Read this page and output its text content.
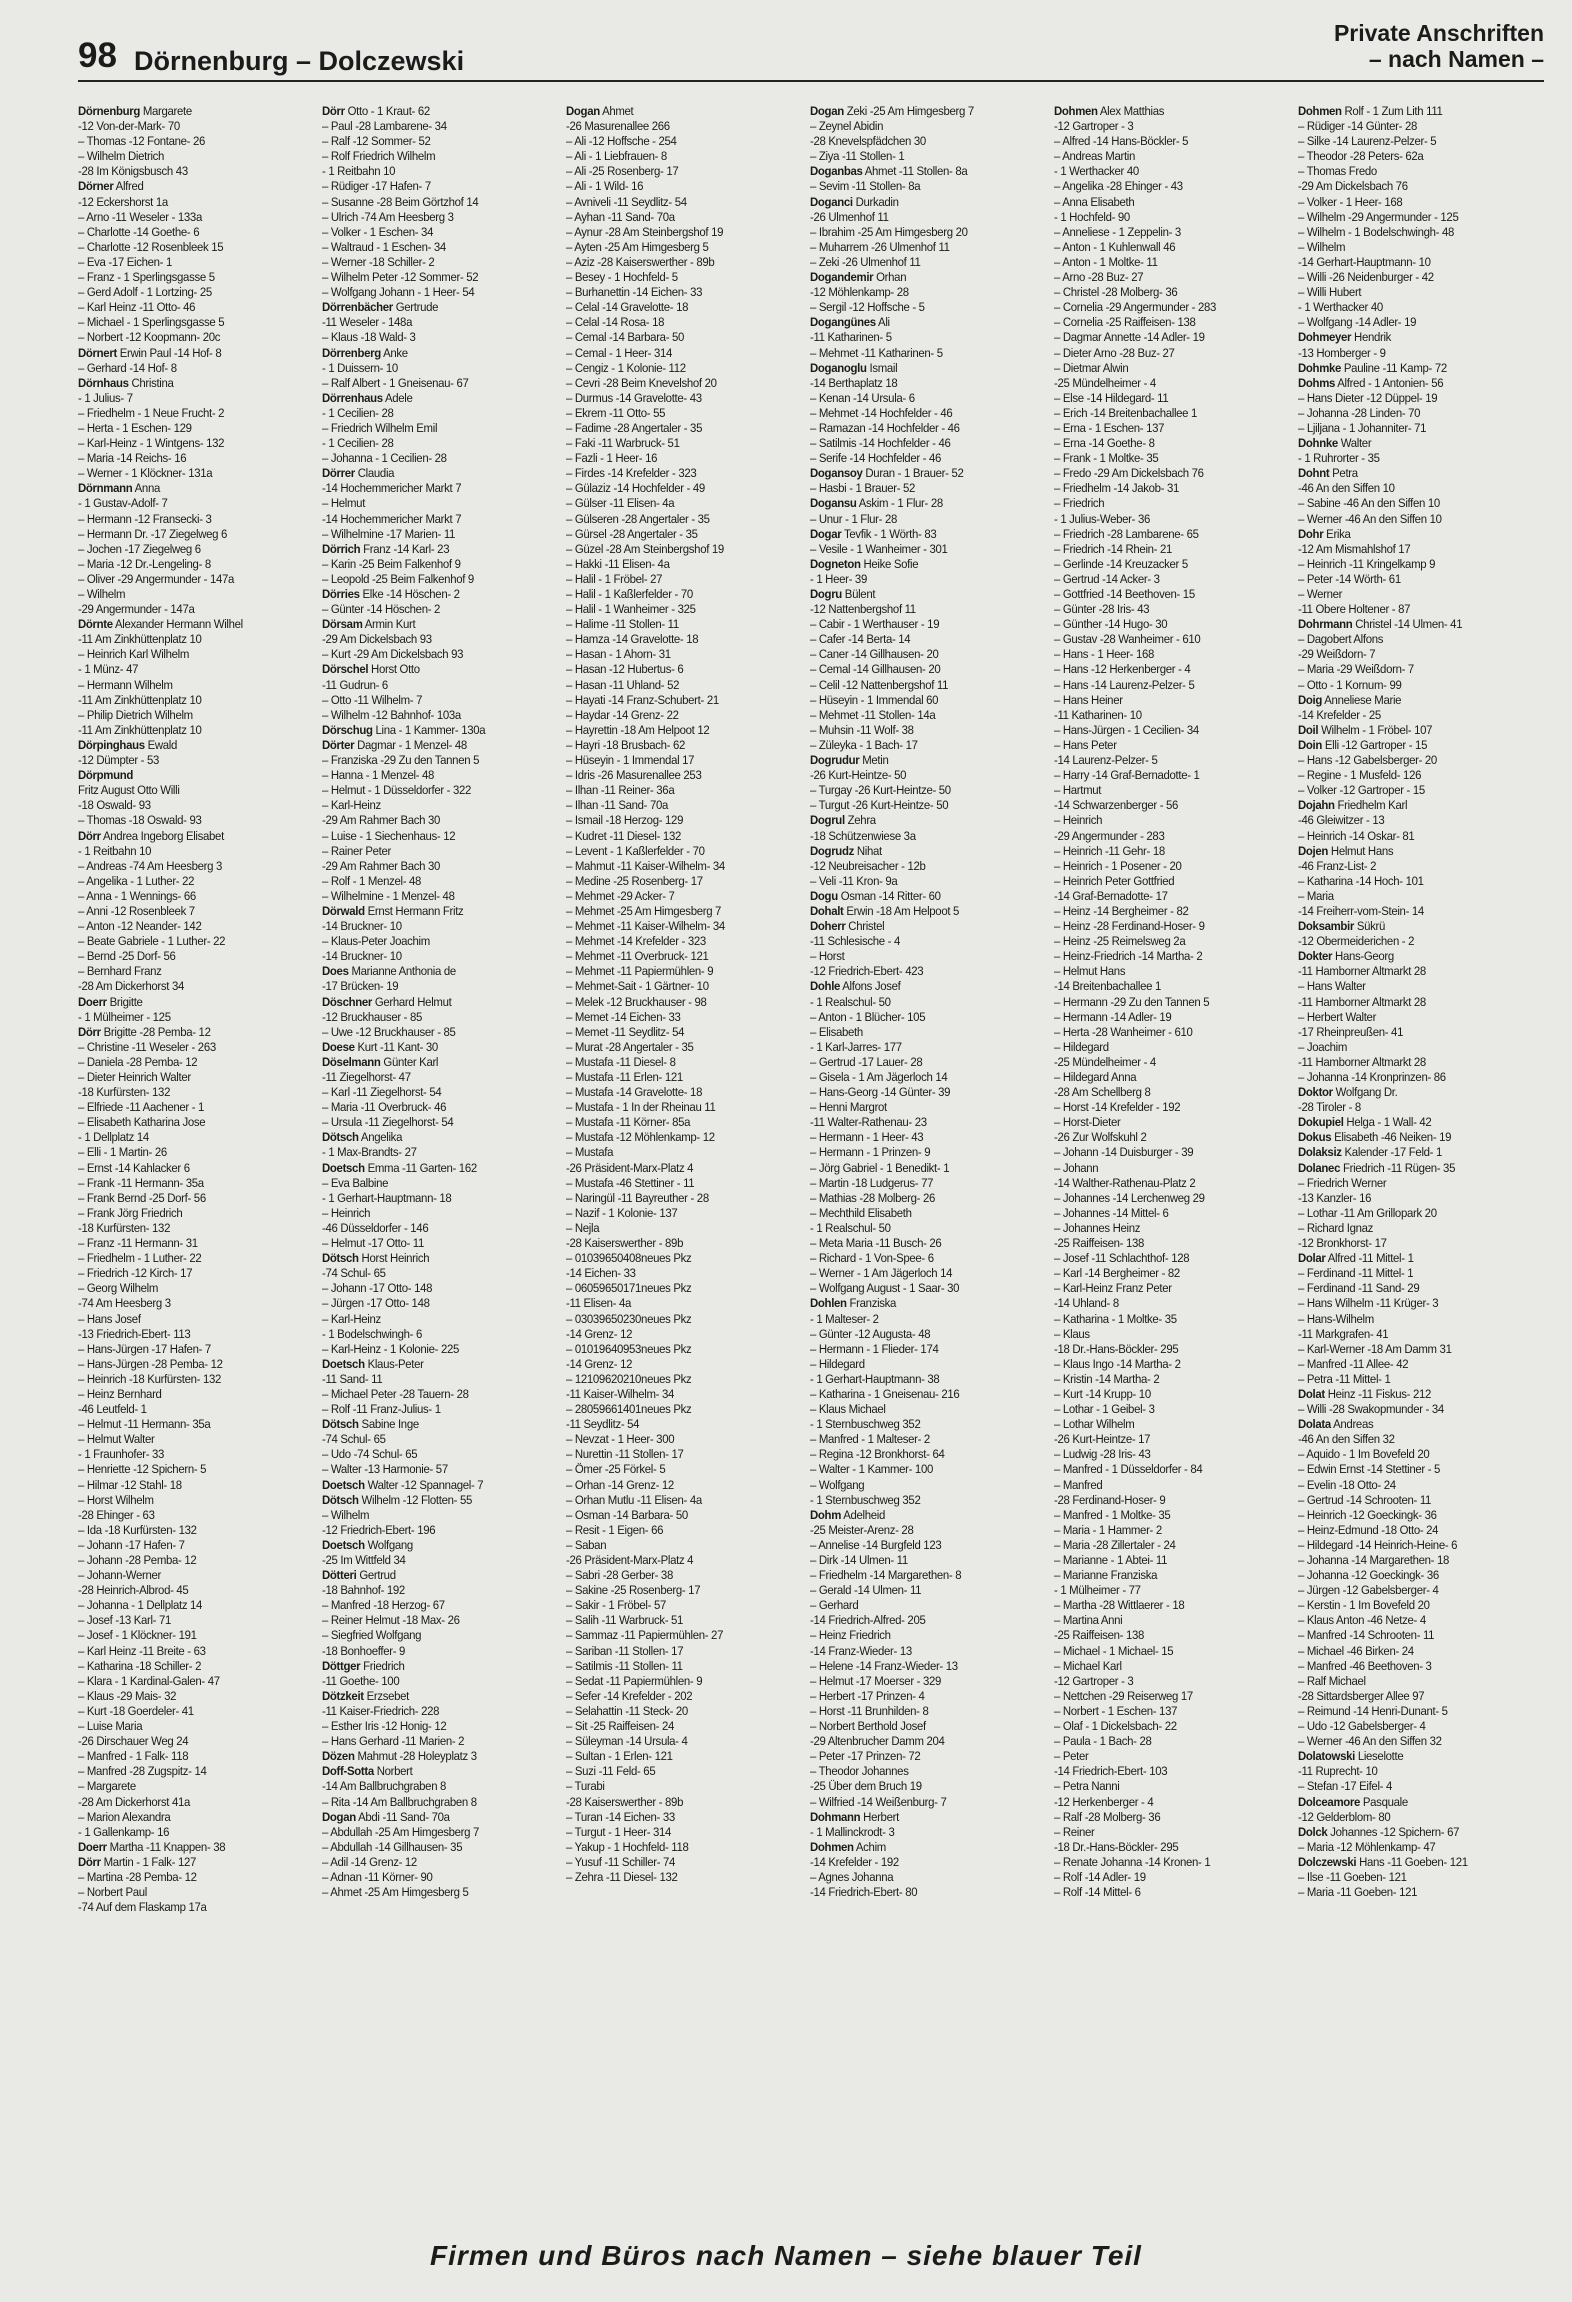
98 Dörnenburg – Dolczewski
Private Anschriften
– nach Namen –
Dörnenburg Margarete
-12 Von-der-Mark- 70
– Thomas -12 Fontane- 26
– Wilhelm Dietrich
-28 Im Königsbusch 43
Dörner Alfred
-12 Eckershorst 1a
– Arno -11 Weseler - 133a
– Charlotte -14 Goethe- 6
– Charlotte -12 Rosenbleek 15
– Eva -17 Eichen- 1
– Franz - 1 Sperlingsgasse 5
– Gerd Adolf - 1 Lortzing- 25
– Karl Heinz -11 Otto- 46
– Michael - 1 Sperlingsgasse 5
– Norbert -12 Koopmann- 20c
Dörnert Erwin Paul -14 Hof- 8
– Gerhard -14 Hof- 8
Dörnhaus Christina
- 1 Julius- 7
– Friedhelm - 1 Neue Frucht- 2
– Herta - 1 Eschen- 129
– Karl-Heinz - 1 Wintgens- 132
– Maria -14 Reichs- 16
– Werner - 1 Klöckner- 131a
Dörnmann Anna
- 1 Gustav-Adolf- 7
– Hermann -12 Fransecki- 3
– Hermann Dr. -17 Ziegelweg 6
– Jochen -17 Ziegelweg 6
– Maria -12 Dr.-Lengeling- 8
– Oliver -29 Angermunder - 147a
– Wilhelm
-29 Angermunder - 147a
Dörnte Alexander Hermann Wilhel
-11 Am Zinkhüttenplatz 10
– Heinrich Karl Wilhelm
- 1 Münz- 47
– Hermann Wilhelm
-11 Am Zinkhüttenplatz 10
– Philip Dietrich Wilhelm
-11 Am Zinkhüttenplatz 10
Dörpinghaus Ewald
-12 Dümpter - 53
Dörpmund
Fritz August Otto Willi
-18 Oswald- 93
– Thomas -18 Oswald- 93
Dörr Andrea Ingeborg Elisabet
- 1 Reitbahn 10
– Andreas -74 Am Heesberg 3
– Angelika - 1 Luther- 22
– Anna - 1 Wennings- 66
– Anni -12 Rosenbleek 7
– Anton -12 Neander- 142
– Beate Gabriele - 1 Luther- 22
– Bernd -25 Dorf- 56
– Bernhard Franz
-28 Am Dickerhorst 34
Doerr Brigitte
- 1 Mülheimer - 125
Dörr Brigitte -28 Pemba- 12
– Christine -11 Weseler - 263
– Daniela -28 Pemba- 12
– Dieter Heinrich Walter
-18 Kurfürsten- 132
– Elfriede -11 Aachener - 1
– Elisabeth Katharina Jose
- 1 Dellplatz 14
– Elli - 1 Martin- 26
– Ernst -14 Kahlacker 6
– Frank -11 Hermann- 35a
– Frank Bernd -25 Dorf- 56
– Frank Jörg Friedrich
-18 Kurfürsten- 132
– Franz -11 Hermann- 31
– Friedhelm - 1 Luther- 22
– Friedrich -12 Kirch- 17
– Georg Wilhelm
-74 Am Heesberg 3
– Hans Josef
-13 Friedrich-Ebert- 113
– Hans-Jürgen -17 Hafen- 7
– Hans-Jürgen -28 Pemba- 12
– Heinrich -18 Kurfürsten- 132
– Heinz Bernhard
-46 Leutfeld- 1
– Helmut -11 Hermann- 35a
– Helmut Walter
- 1 Fraunhofer- 33
– Henriette -12 Spichern- 5
– Hilmar -12 Stahl- 18
– Horst Wilhelm
-28 Ehinger - 63
– Ida -18 Kurfürsten- 132
– Johann -17 Hafen- 7
– Johann -28 Pemba- 12
– Johann-Werner
-28 Heinrich-Albrod- 45
– Johanna - 1 Dellplatz 14
– Josef -13 Karl- 71
– Josef - 1 Klöckner- 191
– Karl Heinz -11 Breite - 63
– Katharina -18 Schiller- 2
– Klara - 1 Kardinal-Galen- 47
– Klaus -29 Mais- 32
– Kurt -18 Goerdeler- 41
– Luise Maria
-26 Dirschauer Weg 24
– Manfred - 1 Falk- 118
– Manfred -28 Zugspitz- 14
– Margarete
-28 Am Dickerhorst 41a
– Marion Alexandra
- 1 Gallenkamp- 16
Doerr Martha -11 Knappen- 38
Dörr Martin - 1 Falk- 127
– Martina -28 Pemba- 12
– Norbert Paul
-74 Auf dem Flaskamp 17a
Dörr Otto - 1 Kraut- 62
– Paul -28 Lambarene- 34
– Ralf -12 Sommer- 52
– Rolf Friedrich Wilhelm
- 1 Reitbahn 10
– Rüdiger -17 Hafen- 7
– Susanne -28 Beim Görtzhof 14
– Ulrich -74 Am Heesberg 3
– Volker - 1 Eschen- 34
– Waltraud - 1 Eschen- 34
– Werner -18 Schiller- 2
– Wilhelm Peter -12 Sommer- 52
– Wolfgang Johann - 1 Heer- 54
Dörrenbächer Gertrude
-11 Weseler - 148a
– Klaus -18 Wald- 3
Dörrenberg Anke
- 1 Duissern- 10
– Ralf Albert - 1 Gneisenau- 67
Dörrenhaus Adele
- 1 Cecilien- 28
– Friedrich Wilhelm Emil
- 1 Cecilien- 28
– Johanna - 1 Cecilien- 28
Dörrer Claudia
-14 Hochemmericher Markt 7
– Helmut
-14 Hochemmericher Markt 7
– Wilhelmine -17 Marien- 11
Dörrich Franz -14 Karl- 23
– Karin -25 Beim Falkenhof 9
– Leopold -25 Beim Falkenhof 9
Dörries Elke -14 Höschen- 2
– Günter -14 Höschen- 2
Dörsam Armin Kurt
-29 Am Dickelsbach 93
– Kurt -29 Am Dickelsbach 93
Dörschel Horst Otto
-11 Gudrun- 6
– Otto -11 Wilhelm- 7
– Wilhelm -12 Bahnhof- 103a
Dörschug Lina - 1 Kammer- 130a
Dörter Dagmar - 1 Menzel- 48
– Franziska -29 Zu den Tannen 5
– Hanna - 1 Menzel- 48
– Helmut - 1 Düsseldorfer - 322
– Karl-Heinz
-29 Am Rahmer Bach 30
– Luise - 1 Siechenhaus- 12
– Rainer Peter
-29 Am Rahmer Bach 30
– Rolf - 1 Menzel- 48
– Wilhelmine - 1 Menzel- 48
Dörwald Ernst Hermann Fritz
-14 Bruckner- 10
– Klaus-Peter Joachim
-14 Bruckner- 10
Does Marianne Anthonia de
-17 Brücken- 19
Döschner Gerhard Helmut
-12 Bruckhauser - 85
– Uwe -12 Bruckhauser - 85
Doese Kurt -11 Kant- 30
Döselmann Günter Karl
-11 Ziegelhorst- 47
– Karl -11 Ziegelhorst- 54
– Maria -11 Overbruck- 46
– Ursula -11 Ziegelhorst- 54
Dötsch Angelika
- 1 Max-Brandts- 27
Doetsch Emma -11 Garten- 162
– Eva Balbine
- 1 Gerhart-Hauptmann- 18
– Heinrich
-46 Düsseldorfer - 146
– Helmut -17 Otto- 11
Dötsch Horst Heinrich
-74 Schul- 65
– Johann -17 Otto- 148
– Jürgen -17 Otto- 148
– Karl-Heinz
- 1 Bodelschwingh- 6
– Karl-Heinz - 1 Kolonie- 225
Doetsch Klaus-Peter
-11 Sand- 11
– Michael Peter -28 Tauern- 28
– Rolf -11 Franz-Julius- 1
Dötsch Sabine Inge
-74 Schul- 65
– Udo -74 Schul- 65
– Walter -13 Harmonie- 57
Doetsch Walter -12 Spannagel- 7
Dötsch Wilhelm -12 Flotten- 55
– Wilhelm
-12 Friedrich-Ebert- 196
Doetsch Wolfgang
-25 Im Wittfeld 34
Dötteri Gertrud
-18 Bahnhof- 192
– Manfred -18 Herzog- 67
– Reiner Helmut -18 Max- 26
– Siegfried Wolfgang
-18 Bonhoeffer- 9
Döttger Friedrich
-11 Goethe- 100
Dötzkeit Erzsebet
-11 Kaiser-Friedrich- 228
– Esther Iris -12 Honig- 12
– Hans Gerhard -11 Marien- 2
Dözen Mahmut -28 Holeyplatz 3
Doff-Sotta Norbert
-14 Am Ballbruchgraben 8
– Rita -14 Am Ballbruchgraben 8
Dogan Abdi -11 Sand- 70a
– Abdullah -25 Am Himgesberg 7
– Abdullah -14 Gillhausen- 35
– Adil -14 Grenz- 12
– Adnan -11 Körner- 90
– Ahmet -25 Am Himgesberg 5
Dogan Ahmet
-26 Masurenallee 266
– Ali -12 Hoffsche - 254
– Ali - 1 Liebfrauen- 8
– Ali -25 Rosenberg- 17
– Ali - 1 Wild- 16
– Avniveli -11 Seydlitz- 54
– Ayhan -11 Sand- 70a
– Aynur -28 Am Steinbergshof 19
– Ayten -25 Am Himgesberg 5
– Aziz -28 Kaiserswerther - 89b
– Besey - 1 Hochfeld- 5
– Burhanettin -14 Eichen- 33
– Celal -14 Gravelotte- 18
– Celal -14 Rosa- 18
– Cemal -14 Barbara- 50
– Cemal - 1 Heer- 314
– Cengiz - 1 Kolonie- 112
– Cevri -28 Beim Knevelshof 20
– Durmus -14 Gravelotte- 43
– Ekrem -11 Otto- 55
– Fadime -28 Angertaler - 35
– Faki -11 Warbruck- 51
– Fazli - 1 Heer- 16
– Firdes -14 Krefelder - 323
– Gülaziz -14 Hochfelder - 49
– Gülser -11 Elisen- 4a
– Gülseren -28 Angertaler - 35
– Gürsel -28 Angertaler - 35
– Güzel -28 Am Steinbergshof 19
– Hakki -11 Elisen- 4a
– Halil - 1 Fröbel- 27
– Halil - 1 Kaßlerfelder - 70
– Halil - 1 Wanheimer - 325
– Halime -11 Stollen- 11
– Hamza -14 Gravelotte- 18
– Hasan - 1 Ahorn- 31
– Hasan -12 Hubertus- 6
– Hasan -11 Uhland- 52
– Hayati -14 Franz-Schubert- 21
– Haydar -14 Grenz- 22
– Hayrettin -18 Am Helpoot 12
– Hayri -18 Brusbach- 62
– Hüseyin - 1 Immendal 17
– Idris -26 Masurenallee 253
– Ilhan -11 Reiner- 36a
– Ilhan -11 Sand- 70a
– Ismail -18 Herzog- 129
– Kudret -11 Diesel- 132
– Levent - 1 Kaßlerfelder - 70
– Mahmut -11 Kaiser-Wilhelm- 34
– Medine -25 Rosenberg- 17
– Mehmet -29 Acker- 7
– Mehmet -25 Am Himgesberg 7
– Mehmet -11 Kaiser-Wilhelm- 34
– Mehmet -14 Krefelder - 323
– Mehmet -11 Overbruck- 121
– Mehmet -11 Papiermühlen- 9
– Mehmet-Sait - 1 Gärtner- 10
– Melek -12 Bruckhauser - 98
– Memet -14 Eichen- 33
– Memet -11 Seydlitz- 54
– Murat -28 Angertaler - 35
– Mustafa -11 Diesel- 8
– Mustafa -11 Erlen- 121
– Mustafa -14 Gravelotte- 18
– Mustafa - 1 In der Rheinau 11
– Mustafa -11 Körner- 85a
– Mustafa -12 Möhlenkamp- 12
– Mustafa
-26 Präsident-Marx-Platz 4
– Mustafa -46 Stettiner - 11
– Naringül -11 Bayreuther - 28
– Nazif - 1 Kolonie- 137
– Nejla
-28 Kaiserswerther - 89b
– 01039650408neues Pkz
-14 Eichen- 33
– 06059650171neues Pkz
-11 Elisen- 4a
– 03039650230neues Pkz
-14 Grenz- 12
– 01019640953neues Pkz
-14 Grenz- 12
– 12109620210neues Pkz
-11 Kaiser-Wilhelm- 34
– 28059661401neues Pkz
-11 Seydlitz- 54
– Nevzat - 1 Heer- 300
– Nurettin -11 Stollen- 17
– Ömer -25 Förkel- 5
– Orhan -14 Grenz- 12
– Orhan Mutlu -11 Elisen- 4a
– Osman -14 Barbara- 50
– Resit - 1 Eigen- 66
– Saban
-26 Präsident-Marx-Platz 4
– Sabri -28 Gerber- 38
– Sakine -25 Rosenberg- 17
– Sakir - 1 Fröbel- 57
– Salih -11 Warbruck- 51
– Sammaz -11 Papiermühlen- 27
– Sariban -11 Stollen- 17
– Satilmis -11 Stollen- 11
– Sedat -11 Papiermühlen- 9
– Sefer -14 Krefelder - 202
– Selahattin -11 Steck- 20
– Sit -25 Raiffeisen- 24
– Süleyman -14 Ursula- 4
– Sultan - 1 Erlen- 121
– Suzi -11 Feld- 65
– Turabi
-28 Kaiserswerther - 89b
– Turan -14 Eichen- 33
– Turgut - 1 Heer- 314
– Yakup - 1 Hochfeld- 118
– Yusuf -11 Schiller- 74
– Zehra -11 Diesel- 132
Dogan Zeki -25 Am Himgesberg 7
– Zeynel Abidin
-28 Knevelspfädchen 30
– Ziya -11 Stollen- 1
Doganbas Ahmet -11 Stollen- 8a
– Sevim -11 Stollen- 8a
Doganci Durkadin
-26 Ulmenhof 11
– Ibrahim -25 Am Himgesberg 20
– Muharrem -26 Ulmenhof 11
– Zeki -26 Ulmenhof 11
Dogandemir Orhan
-12 Möhlenkamp- 28
– Sergil -12 Hoffsche - 5
Dogangünes Ali
-11 Katharinen- 5
– Mehmet -11 Katharinen- 5
Doganoglu Ismail
-14 Berthaplatz 18
– Kenan -14 Ursula- 6
– Mehmet -14 Hochfelder - 46
– Ramazan -14 Hochfelder - 46
– Satilmis -14 Hochfelder - 46
– Serife -14 Hochfelder - 46
Dogansoy Duran - 1 Brauer- 52
– Hasbi - 1 Brauer- 52
Dogansu Askim - 1 Flur- 28
– Unur - 1 Flur- 28
Dogar Tevfik - 1 Wörth- 83
– Vesile - 1 Wanheimer - 301
Dogneton Heike Sofie
- 1 Heer- 39
Dogru Bülent
-12 Nattenbergshof 11
– Cabir - 1 Werthauser - 19
– Cafer -14 Berta- 14
– Caner -14 Gillhausen- 20
– Cemal -14 Gillhausen- 20
– Celil -12 Nattenbergshof 11
– Hüseyin - 1 Immendal 60
– Mehmet -11 Stollen- 14a
– Muhsin -11 Wolf- 38
– Züleyka - 1 Bach- 17
Dogrudur Metin
-26 Kurt-Heintze- 50
– Turgay -26 Kurt-Heintze- 50
– Turgut -26 Kurt-Heintze- 50
Dogrul Zehra
-18 Schützenwiese 3a
Dogrudz Nihat
-12 Neubreisacher - 12b
– Veli -11 Kron- 9a
Dogu Osman -14 Ritter- 60
Dohalt Erwin -18 Am Helpoot 5
Doherr Christel
-11 Schlesische - 4
– Horst
-12 Friedrich-Ebert- 423
Dohle Alfons Josef
- 1 Realschul- 50
– Anton - 1 Blücher- 105
– Elisabeth
- 1 Karl-Jarres- 177
– Gertrud -17 Lauer- 28
– Gisela - 1 Am Jägerloch 14
– Hans-Georg -14 Günter- 39
– Henni Margrot
-11 Walter-Rathenau- 23
– Hermann - 1 Heer- 43
– Hermann - 1 Prinzen- 9
– Jörg Gabriel - 1 Benedikt- 1
– Martin -18 Ludgerus- 77
– Mathias -28 Molberg- 26
– Mechthild Elisabeth
- 1 Realschul- 50
– Meta Maria -11 Busch- 26
– Richard - 1 Von-Spee- 6
– Werner - 1 Am Jägerloch 14
– Wolfgang August - 1 Saar- 30
Dohlen Franziska
- 1 Malteser- 2
– Günter -12 Augusta- 48
– Hermann - 1 Flieder- 174
– Hildegard
- 1 Gerhart-Hauptmann- 38
– Katharina - 1 Gneisenau- 216
– Klaus Michael
- 1 Sternbuschweg 352
– Manfred - 1 Malteser- 2
– Regina -12 Bronkhorst- 64
– Walter - 1 Kammer- 100
– Wolfgang
- 1 Sternbuschweg 352
Dohm Adelheid
-25 Meister-Arenz- 28
– Annelise -14 Burgfeld 123
– Dirk -14 Ulmen- 11
– Friedhelm -14 Margarethen- 8
– Gerald -14 Ulmen- 11
– Gerhard
-14 Friedrich-Alfred- 205
– Heinz Friedrich
-14 Franz-Wieder- 13
– Helene -14 Franz-Wieder- 13
– Helmut -17 Moerser - 329
– Herbert -17 Prinzen- 4
– Horst -11 Brunhilden- 8
– Norbert Berthold Josef
-29 Altenbrucher Damm 204
– Peter -17 Prinzen- 72
– Theodor Johannes
-25 Über dem Bruch 19
– Wilfried -14 Weißenburg- 7
Dohmann Herbert
- 1 Mallinckrodt- 3
Dohmen Achim
-14 Krefelder - 192
– Agnes Johanna
-14 Friedrich-Ebert- 80
Dohmen Alex Matthias
-12 Gartroper - 3
– Alfred -14 Hans-Böckler- 5
– Andreas Martin
- 1 Werthacker 40
– Angelika -28 Ehinger - 43
– Anna Elisabeth
- 1 Hochfeld- 90
– Anneliese - 1 Zeppelin- 3
– Anton - 1 Kuhlenwall 46
– Anton - 1 Moltke- 11
– Arno -28 Buz- 27
– Christel -28 Molberg- 36
– Cornelia -29 Angermunder - 283
– Cornelia -25 Raiffeisen- 138
– Dagmar Annette -14 Adler- 19
– Dieter Arno -28 Buz- 27
– Dietmar Alwin
-25 Mündelheimer - 4
– Else -14 Hildegard- 11
– Erich -14 Breitenbachallee 1
– Erna - 1 Eschen- 137
– Erna -14 Goethe- 8
– Frank - 1 Moltke- 35
– Fredo -29 Am Dickelsbach 76
– Friedhelm -14 Jakob- 31
– Friedrich
- 1 Julius-Weber- 36
– Friedrich -28 Lambarene- 65
– Friedrich -14 Rhein- 21
– Gerlinde -14 Kreuzacker 5
– Gertrud -14 Acker- 3
– Gottfried -14 Beethoven- 15
– Günter -28 Iris- 43
– Günther -14 Hugo- 30
– Gustav -28 Wanheimer - 610
– Hans - 1 Heer- 168
– Hans -12 Herkenberger - 4
– Hans -14 Laurenz-Pelzer- 5
– Hans Heiner
-11 Katharinen- 10
– Hans-Jürgen - 1 Cecilien- 34
– Hans Peter
-14 Laurenz-Pelzer- 5
– Harry -14 Graf-Bernadotte- 1
– Hartmut
-14 Schwarzenberger - 56
– Heinrich
-29 Angermunder - 283
– Heinrich -11 Gehr- 18
– Heinrich - 1 Posener - 20
– Heinrich Peter Gottfried
-14 Graf-Bernadotte- 17
– Heinz -14 Bergheimer - 82
– Heinz -28 Ferdinand-Hoser- 9
– Heinz -25 Reimelsweg 2a
– Heinz-Friedrich -14 Martha- 2
– Helmut Hans
-14 Breitenbachallee 1
– Hermann -29 Zu den Tannen 5
– Hermann -14 Adler- 19
– Herta -28 Wanheimer - 610
– Hildegard
-25 Mündelheimer - 4
– Hildegard Anna
-28 Am Schellberg 8
– Horst -14 Krefelder - 192
– Horst-Dieter
-26 Zur Wolfskuhl 2
– Johann -14 Duisburger - 39
– Johann
-14 Walther-Rathenau-Platz 2
– Johannes -14 Lerchenweg 29
– Johannes -14 Mittel- 6
– Johannes Heinz
-25 Raiffeisen- 138
– Josef -11 Schlachthof- 128
– Karl -14 Bergheimer - 82
– Karl-Heinz Franz Peter
-14 Uhland- 8
– Katharina - 1 Moltke- 35
– Klaus
-18 Dr.-Hans-Böckler- 295
– Klaus Ingo -14 Martha- 2
– Kristin -14 Martha- 2
– Kurt -14 Krupp- 10
– Lothar - 1 Geibel- 3
– Lothar Wilhelm
-26 Kurt-Heintze- 17
– Ludwig -28 Iris- 43
– Manfred - 1 Düsseldorfer - 84
– Manfred
-28 Ferdinand-Hoser- 9
– Manfred - 1 Moltke- 35
– Maria - 1 Hammer- 2
– Maria -28 Zillertaler - 24
– Marianne - 1 Abtei- 11
– Marianne Franziska
- 1 Mülheimer - 77
– Martha -28 Wittlaerer - 18
– Martina Anni
-25 Raiffeisen- 138
– Michael - 1 Michael- 15
– Michael Karl
-12 Gartroper - 3
– Nettchen -29 Reiserweg 17
– Norbert - 1 Eschen- 137
– Olaf - 1 Dickelsbach- 22
– Paula - 1 Bach- 28
– Peter
-14 Friedrich-Ebert- 103
– Petra Nanni
-12 Herkenberger - 4
– Ralf -28 Molberg- 36
– Reiner
-18 Dr.-Hans-Böckler- 295
– Renate Johanna -14 Kronen- 1
– Rolf -14 Adler- 19
– Rolf -14 Mittel- 6
Dohmen Rolf - 1 Zum Lith 111
– Rüdiger -14 Günter- 28
– Silke -14 Laurenz-Pelzer- 5
– Theodor -28 Peters- 62a
– Thomas Fredo
-29 Am Dickelsbach 76
– Volker - 1 Heer- 168
– Wilhelm -29 Angermunder - 125
– Wilhelm - 1 Bodelschwingh- 48
– Wilhelm
-14 Gerhart-Hauptmann- 10
– Willi -26 Neidenburger - 42
– Willi Hubert
- 1 Werthacker 40
– Wolfgang -14 Adler- 19
Dohmeyer Hendrik
-13 Homberger - 9
Dohmke Pauline -11 Kamp- 72
Dohms Alfred - 1 Antonien- 56
– Hans Dieter -12 Düppel- 19
– Johanna -28 Linden- 70
– Ljiljana - 1 Johanniter- 71
Dohnke Walter
- 1 Ruhrorter - 35
Dohnt Petra
-46 An den Siffen 10
– Sabine -46 An den Siffen 10
– Werner -46 An den Siffen 10
Dohr Erika
-12 Am Mismahlshof 17
– Heinrich -11 Kringelkamp 9
– Peter -14 Wörth- 61
– Werner
-11 Obere Holtener - 87
Dohrmann Christel -14 Ulmen- 41
– Dagobert Alfons
-29 Weißdorn- 7
– Maria -29 Weißdorn- 7
– Otto - 1 Kornum- 99
Doig Anneliese Marie
-14 Krefelder - 25
Doil Wilhelm - 1 Fröbel- 107
Doin Elli -12 Gartroper - 15
– Hans -12 Gabelsberger- 20
– Regine - 1 Musfeld- 126
– Volker -12 Gartroper - 15
Dojahn Friedhelm Karl
-46 Gleiwitzer - 13
– Heinrich -14 Oskar- 81
Dojen Helmut Hans
-46 Franz-List- 2
– Katharina -14 Hoch- 101
– Maria
-14 Freiherr-vom-Stein- 14
Doksambir Sükrü
-12 Obermeiderichen - 2
Dokter Hans-Georg
-11 Hamborner Altmarkt 28
– Hans Walter
-11 Hamborner Altmarkt 28
– Herbert Walter
-17 Rheinpreußen- 41
– Joachim
-11 Hamborner Altmarkt 28
– Johanna -14 Kronprinzen- 86
Doktor Wolfgang Dr.
-28 Tiroler - 8
Dokupiel Helga - 1 Wall- 42
Dokus Elisabeth -46 Neiken- 19
Dolaksiz Kalender -17 Feld- 1
Dolanec Friedrich -11 Rügen- 35
– Friedrich Werner
-13 Kanzler- 16
– Lothar -11 Am Grillopark 20
– Richard Ignaz
-12 Bronkhorst- 17
Dolar Alfred -11 Mittel- 1
– Ferdinand -11 Mittel- 1
– Ferdinand -11 Sand- 29
– Hans Wilhelm -11 Krüger- 3
– Hans-Wilhelm
-11 Markgrafen- 41
– Karl-Werner -18 Am Damm 31
– Manfred -11 Allee- 42
– Petra -11 Mittel- 1
Dolat Heinz -11 Fiskus- 212
– Willi -28 Swakopmunder - 34
Dolata Andreas
-46 An den Siffen 32
– Aquido - 1 Im Bovefeld 20
– Edwin Ernst -14 Stettiner - 5
– Evelin -18 Otto- 24
– Gertrud -14 Schrooten- 11
– Heinrich -12 Goeckingk- 36
– Heinz-Edmund -18 Otto- 24
– Hildegard -14 Heinrich-Heine- 6
– Johanna -14 Margarethen- 18
– Johanna -12 Goeckingk- 36
– Jürgen -12 Gabelsberger- 4
– Kerstin - 1 Im Bovefeld 20
– Klaus Anton -46 Netze- 4
– Manfred -14 Schrooten- 11
– Michael -46 Birken- 24
– Manfred -46 Beethoven- 3
– Ralf Michael
-28 Sittardsberger Allee 97
– Reimund -14 Henri-Dunant- 5
– Udo -12 Gabelsberger- 4
– Werner -46 An den Siffen 32
Dolatowski Lieselotte
-11 Ruprecht- 10
– Stefan -17 Eifel- 4
Dolceamore Pasquale
-12 Gelderblom- 80
Dolck Johannes -12 Spichern- 67
– Maria -12 Möhlenkamp- 47
Dolczewski Hans -11 Goeben- 121
– Ilse -11 Goeben- 121
– Maria -11 Goeben- 121
Firmen und Büros nach Namen – siehe blauer Teil
